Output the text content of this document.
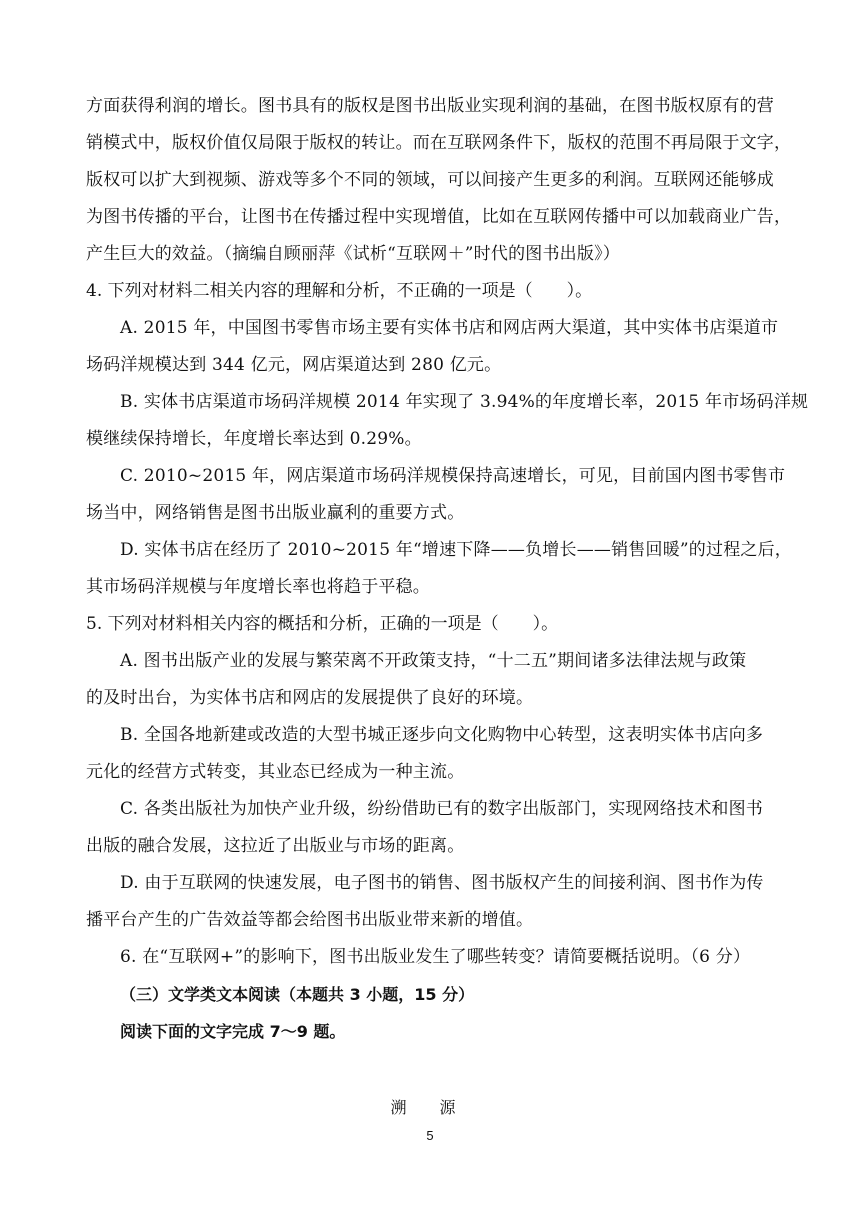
方面获得利润的增长。图书具有的版权是图书出版业实现利润的基础，在图书版权原有的营
销模式中，版权价值仅局限于版权的转让。而在互联网条件下，版权的范围不再局限于文字，
版权可以扩大到视频、游戏等多个不同的领域，可以间接产生更多的利润。互联网还能够成
为图书传播的平台，让图书在传播过程中实现增值，比如在互联网传播中可以加载商业广告，
产生巨大的效益。（摘编自顾丽萍《试析“互联网＋”时代的图书出版》）
4. 下列对材料二相关内容的理解和分析，不正确的一项是（　　）。
A. 2015 年，中国图书零售市场主要有实体书店和网店两大渠道，其中实体书店渠道市
场码洋规模达到 344 亿元，网店渠道达到 280 亿元。
B. 实体书店渠道市场码洋规模 2014 年实现了 3.94%的年度增长率，2015 年市场码洋规
模继续保持增长，年度增长率达到 0.29%。
C. 2010~2015 年，网店渠道市场码洋规模保持高速增长，可见，目前国内图书零售市
场当中，网络销售是图书出版业赢利的重要方式。
D. 实体书店在经历了 2010~2015 年“增速下降——负增长——销售回暖”的过程之后，
其市场码洋规模与年度增长率也将趋于平稳。
5. 下列对材料相关内容的概括和分析，正确的一项是（　　）。
A. 图书出版产业的发展与繁荣离不开政策支持，“十二五”期间诸多法律法规与政策
的及时出台，为实体书店和网店的发展提供了良好的环境。
B. 全国各地新建或改造的大型书城正逐步向文化购物中心转型，这表明实体书店向多
元化的经营方式转变，其业态已经成为一种主流。
C. 各类出版社为加快产业升级，纷纷借助已有的数字出版部门，实现网络技术和图书
出版的融合发展，这拉近了出版业与市场的距离。
D. 由于互联网的快速发展，电子图书的销售、图书版权产生的间接利润、图书作为传
播平台产生的广告效益等都会给图书出版业带来新的增值。
6. 在“互联网+”的影响下，图书出版业发生了哪些转变？请简要概括说明。（6 分）
（三）文学类文本阅读（本题共 3 小题，15 分）
阅读下面的文字完成 7～9 题。
溯 源
5
